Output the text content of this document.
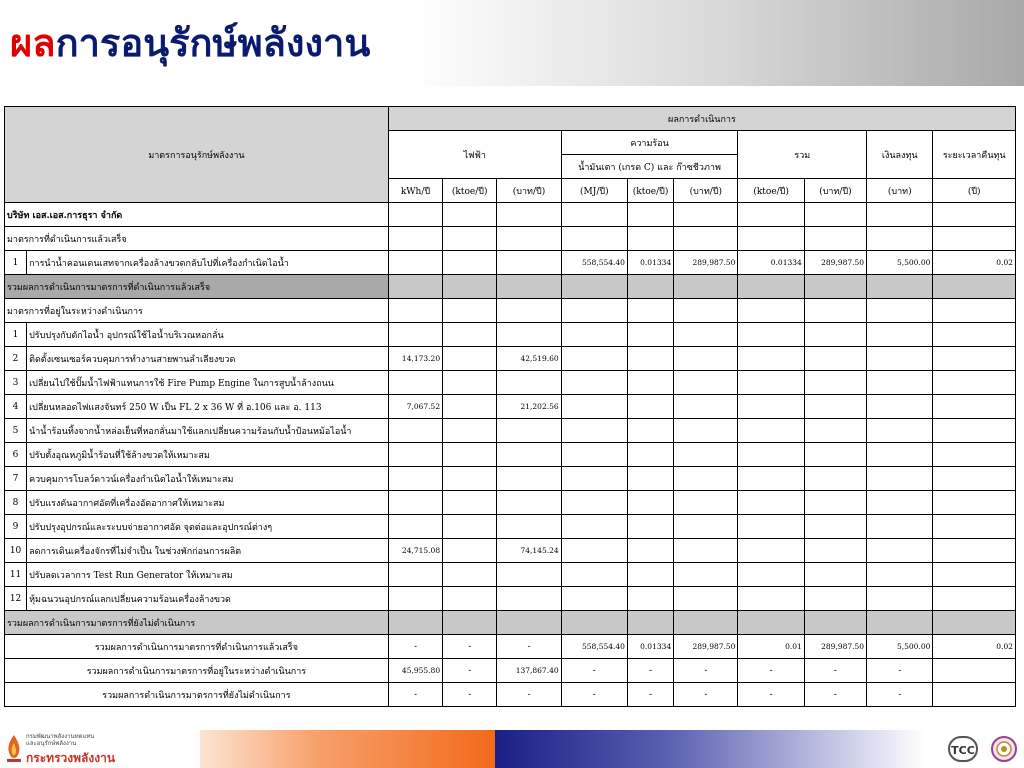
ผลการอนุรักษ์พลังงาน
มาตรการอนุรักษ์พลังงาน		ผลการดำเนินการ									
		ไฟฟ้า			ความร้อน			รวม		เงินลงทุน	ระยะเวลาคืนทุน
					น้ำมันเตา (เกรด C) และ ก๊าซชีวภาพ						
		kWh/ปี	(ktoe/ปี)	(บาท/ปี)	(MJ/ปี)	(ktoe/ปี)	(บาท/ปี)	(ktoe/ปี)	(บาท/ปี)	(บาท)	(ปี)
บริษัท เอส.เอส.การธุรา จำกัด											
มาตรการที่ดำเนินการแล้วเสร็จ											
1	การนำน้ำคอนเดนเสทจากเครื่องล้างขวดกลับไปที่เครื่องกำเนิดไอน้ำ				558,554.40	0.01334	289,987.50	0.01334	289,987.50	5,500.00	0.02
รวมผลการดำเนินการมาตรการที่ดำเนินการแล้วเสร็จ											
มาตรการที่อยู่ในระหว่างดำเนินการ											
1	ปรับปรุงกับดักไอน้ำ อุปกรณ์ใช้ไอน้ำบริเวณหอกลั่น										
2	ติดตั้งเซนเซอร์ควบคุมการทำงานสายพานลำเลียงขวด	14,173.20		42,519.60							
3	เปลี่ยนไปใช้ปั๊มน้ำไฟฟ้าแทนการใช้ Fire Pump Engine ในการสูบน้ำล้างถนน										
4	เปลี่ยนหลอดไฟแสงจันทร์ 250 W เป็น FL 2 x 36 W ที่ อ.106 และ อ. 113	7,067.52		21,202.56							
5	นำน้ำร้อนทิ้งจากน้ำหล่อเย็นที่หอกลั่นมาใช้แลกเปลี่ยนความร้อนกับน้ำป้อนหม้อไอน้ำ										
6	ปรับตั้งอุณหภูมิน้ำร้อนที่ใช้ล้างขวดให้เหมาะสม										
7	ควบคุมการโบลว์ดาวน์เครื่องกำเนิดไอน้ำให้เหมาะสม										
8	ปรับแรงดันอากาศอัดที่เครื่องอัดอากาศให้เหมาะสม										
9	ปรับปรุงอุปกรณ์และระบบจ่ายอากาศอัด จุดต่อและอุปกรณ์ต่างๆ										
10	ลดการเดินเครื่องจักรที่ไม่จำเป็น ในช่วงพักก่อนการผลิต	24,715.08		74,145.24							
11	ปรับลดเวลาการ Test Run Generator ให้เหมาะสม										
12	หุ้มฉนวนอุปกรณ์แลกเปลี่ยนความร้อนเครื่องล้างขวด										
รวมผลการดำเนินการมาตรการที่ยังไม่ดำเนินการ											
รวมผลการดำเนินการมาตรการที่ดำเนินการแล้วเสร็จ		-	-	-	558,554.40	0.01334	289,987.50	0.01	289,987.50	5,500.00	0.02
รวมผลการดำเนินการมาตรการที่อยู่ในระหว่างดำเนินการ		45,955.80	-	137,867.40	-	-	-	-	-	-	
รวมผลการดำเนินการมาตรการที่ยังไม่ดำเนินการ		-	-	-	-	-	-	-	-	-	
กรมพัฒนาพลังงานทดแทน
และอนุรักษ์พลังงาน
กระทรวงพลังงาน
TCC
